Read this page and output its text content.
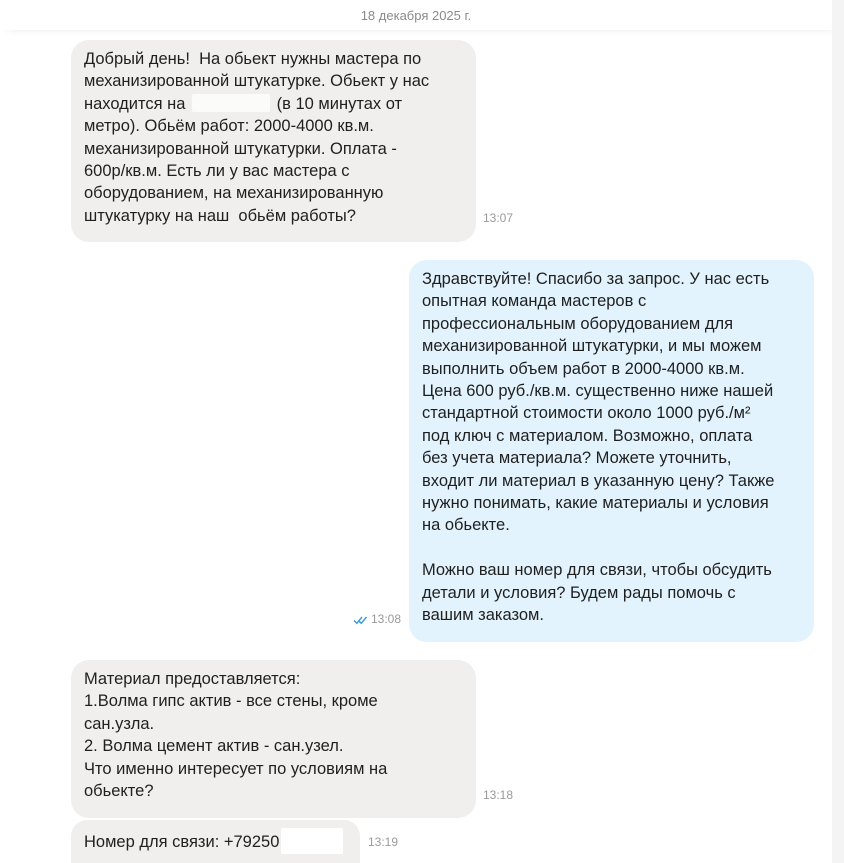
18 декабря 2025 г.
Добрый день!  На обьект нужны мастера по
механизированной штукатурке. Обьект у нас
находится на	(в 10 минутах от
метро). Обьём работ: 2000-4000 кв.м.
механизированной штукатурки. Оплата -
600р/кв.м. Есть ли у вас мастера с
оборудованием, на механизированную
штукатурку на наш  обьём работы?	13:07
Здравствуйте! Спасибо за запрос. У нас есть
опытная команда мастеров с
профессиональным оборудованием для
механизированной штукатурки, и мы можем
выполнить объем работ в 2000-4000 кв.м.
Цена 600 руб./кв.м. существенно ниже нашей
стандартной стоимости около 1000 руб./м²
под ключ с материалом. Возможно, оплата
без учета материала? Можете уточнить,
входит ли материал в указанную цену? Также
нужно понимать, какие материалы и условия
на обьекте.

Можно ваш номер для связи, чтобы обсудить
детали и условия? Будем рады помочь с
вашим заказом.
13:08
Материал предоставляется:
1.Волма гипс актив - все стены, кроме
сан.узла.
2. Волма цемент актив - сан.узел.
Что именно интересует по условиям на
обьекте?	13:18
Номер для связи: +79250	13:19
